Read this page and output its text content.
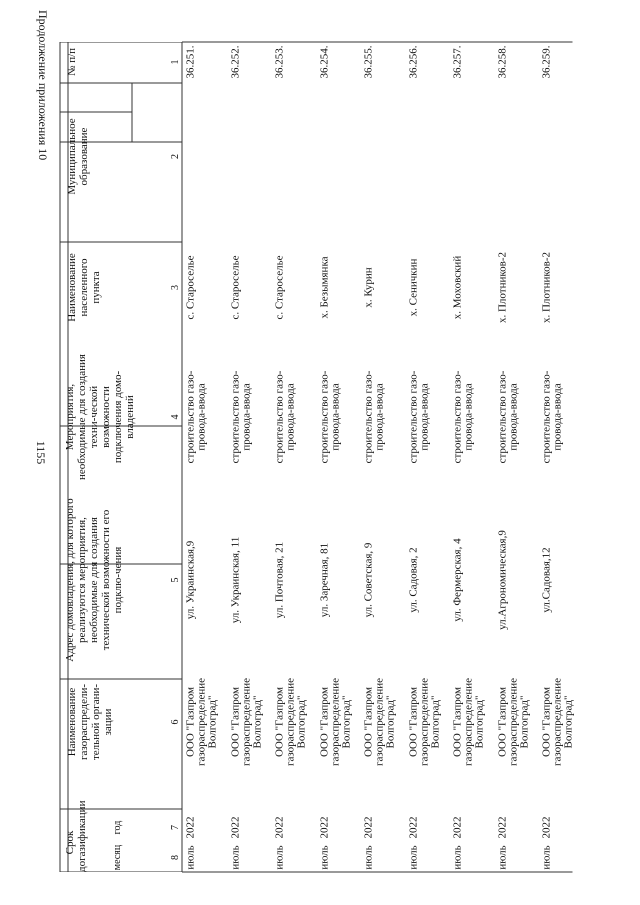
1155
Продолжение приложения 10 № п/п
Муниципальное образование
Наименование населенного пункта
Мероприятия, необходимые для создания техни-ческой возможности подключения домо-владений
Адрес домовладения, для которого реализуются мероприятия, необходимые для создания технической возможности его подклю-чения
Наименование газораспредели-тельной органи-зации
Срок догазификации	год
месяц
1
2
3
4
5
6
7
8
36.251.
с. Староселье
строительство газо-провода-ввода
ул. Украинская,9
ООО "Газпром газораспределение Волгоград"
2022
июль
36.252.
с. Староселье
строительство газо-провода-ввода
ул. Украинская, 11
ООО "Газпром газораспределение Волгоград"
2022
июль
36.253.
с. Староселье
строительство газо-провода-ввода
ул. Почтовая, 21
ООО "Газпром газораспределение Волгоград"
2022
июль
36.254.
х. Безымянка
строительство газо-провода-ввода
ул. Заречная, 81
ООО "Газпром газораспределение Волгоград"
2022
июль
36.255.
х. Курин
строительство газо-провода-ввода
ул. Советская, 9
ООО "Газпром газораспределение Волгоград"
2022
июль
36.256.
х. Сеничкин
строительство газо-провода-ввода
ул. Садовая, 2
ООО "Газпром газораспределение Волгоград"
2022
июль
36.257.
х. Моховский
строительство газо-провода-ввода
ул. Фермерская, 4
ООО "Газпром газораспределение Волгоград"
2022
июль
36.258.
х. Плотников-2
строительство газо-провода-ввода
ул.Агрономическая,9
ООО "Газпром газораспределение Волгоград"
2022
июль
36.259.
х. Плотников-2
строительство газо-провода-ввода
ул.Садовая,12
ООО "Газпром газораспределение Волгоград"
2022
июль
